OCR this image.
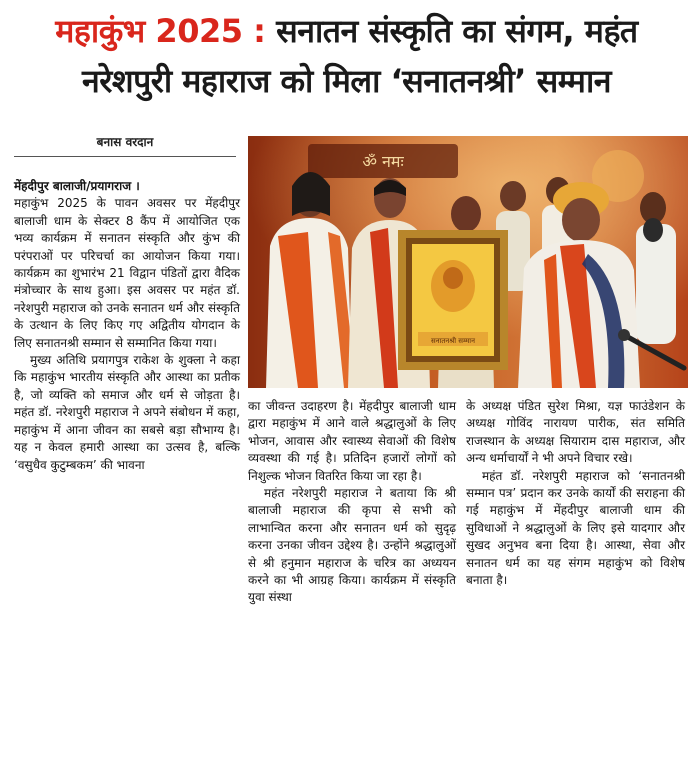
महाकुंभ 2025 : सनातन संस्कृति का संगम, महंत
नरेशपुरी महाराज को मिला ‘सनातनश्री’ सम्मान
बनास वरदान
ॐ नमः
सनातनश्री सम्मान

मेंहदीपुर बालाजी/प्रयागराज ।

महाकुंभ 2025 के पावन अवसर पर मेंहदीपुर बालाजी धाम के सेक्टर 8 कैंप में आयोजित एक भव्य कार्यक्रम में सनातन संस्कृति और कुंभ की परंपराओं पर परिचर्चा का आयोजन किया गया। कार्यक्रम का शुभारंभ 21 विद्वान पंडितों द्वारा वैदिक मंत्रोच्चार के साथ हुआ। इस अवसर पर महंत डॉ. नरेशपुरी महाराज को उनके सनातन धर्म और संस्कृति के उत्थान के लिए किए गए अद्वितीय योगदान के लिए सनातनश्री सम्मान से सम्मानित किया गया।

मुख्य अतिथि प्रयागपुत्र राकेश के शुक्ला ने कहा कि महाकुंभ भारतीय संस्कृति और आस्था का प्रतीक है, जो व्यक्ति को समाज और धर्म से जोड़ता है। महंत डॉ. नरेशपुरी महाराज ने अपने संबोधन में कहा, महाकुंभ में आना जीवन का सबसे बड़ा सौभाग्य है। यह न केवल हमारी आस्था का उत्सव है, बल्कि ‘वसुधैव कुटुम्बकम’ की भावना

का जीवन्त उदाहरण है। मेंहदीपुर बालाजी धाम द्वारा महाकुंभ में आने वाले श्रद्धालुओं के लिए भोजन, आवास और स्वास्थ्य सेवाओं की विशेष व्यवस्था की गई है। प्रतिदिन हजारों लोगों को निशुल्क भोजन वितरित किया जा रहा है।

महंत नरेशपुरी महाराज ने बताया कि श्री बालाजी महाराज की कृपा से सभी को लाभान्वित करना और सनातन धर्म को सुदृढ़ करना उनका जीवन उद्देश्य है। उन्होंने श्रद्धालुओं से श्री हनुमान महाराज के चरित्र का अध्ययन करने का भी आग्रह किया। कार्यक्रम में संस्कृति युवा संस्था

के अध्यक्ष पंडित सुरेश मिश्रा, यज्ञ फाउंडेशन के अध्यक्ष गोविंद नारायण पारीक, संत समिति राजस्थान के अध्यक्ष सियाराम दास महाराज, और अन्य धर्माचार्यों ने भी अपने विचार रखे।

महंत डॉ. नरेशपुरी महाराज को ‘सनातनश्री सम्मान पत्र’ प्रदान कर उनके कार्यों की सराहना की गई महाकुंभ में मेंहदीपुर बालाजी धाम की सुविधाओं ने श्रद्धालुओं के लिए इसे यादगार और सुखद अनुभव बना दिया है। आस्था, सेवा और सनातन धर्म का यह संगम महाकुंभ को विशेष बनाता है।
